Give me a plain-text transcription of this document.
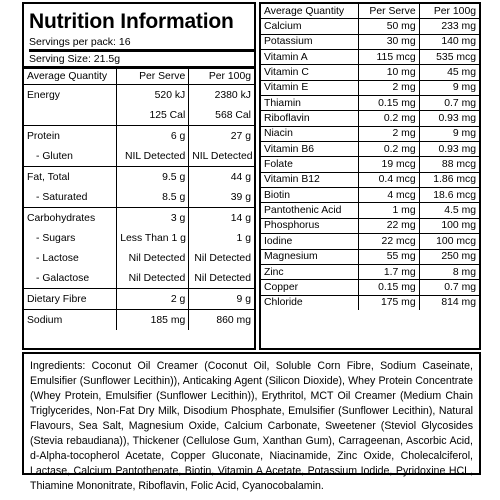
Nutrition Information
Servings per pack: 16
Serving Size: 21.5g
Average Quantity	Per Serve	Per 100g
Energy	520 kJ	2380 kJ
	125 Cal	568 Cal
Protein	6 g	27 g
- Gluten	NIL Detected	NIL Detected
Fat, Total	9.5 g	44 g
- Saturated	8.5 g	39 g
Carbohydrates	3 g	14 g
- Sugars	Less Than 1 g	1 g
- Lactose	Nil Detected	Nil Detected
- Galactose	Nil Detected	Nil Detected
Dietary Fibre	2 g	9 g
Sodium	185 mg	860 mg
Average Quantity	Per Serve	Per 100g
Calcium	50 mg	233 mg
Potassium	30 mg	140 mg
Vitamin A	115 mcg	535 mcg
Vitamin C	10 mg	45 mg
Vitamin E	2 mg	9 mg
Thiamin	0.15 mg	0.7 mg
Riboflavin	0.2 mg	0.93 mg
Niacin	2 mg	9 mg
Vitamin B6	0.2 mg	0.93 mg
Folate	19 mcg	88 mcg
Vitamin B12	0.4 mcg	1.86 mcg
Biotin	4 mcg	18.6 mcg
Pantothenic Acid	1 mg	4.5 mg
Phosphorus	22 mg	100 mg
Iodine	22 mcg	100 mcg
Magnesium	55 mg	250 mg
Zinc	1.7 mg	8 mg
Copper	0.15 mg	0.7 mg
Chloride	175 mg	814 mg

Ingredients: Coconut Oil Creamer (Coconut Oil, Soluble Corn Fibre, Sodium Caseinate, Emulsifier (Sunflower Lecithin)), Anticaking Agent (Silicon Dioxide), Whey Protein Concentrate (Whey Protein, Emulsifier (Sunflower Lecithin)), Erythritol, MCT Oil Creamer (Medium Chain Triglycerides, Non-Fat Dry Milk, Disodium Phosphate, Emulsifier (Sunflower Lecithin), Natural Flavours, Sea Salt, Magnesium Oxide, Calcium Carbonate, Sweetener (Steviol Glycosides (Stevia rebaudiana)), Thickener (Cellulose Gum, Xanthan Gum), Carrageenan, Ascorbic Acid, d-Alpha-tocopherol Acetate, Copper Gluconate, Niacinamide, Zinc Oxide, Cholecalciferol, Lactase, Calcium Pantothenate, Biotin, Vitamin A Acetate, Potassium Iodide, Pyridoxine HCL, Thiamine Mononitrate, Riboflavin, Folic Acid, Cyanocobalamin.
